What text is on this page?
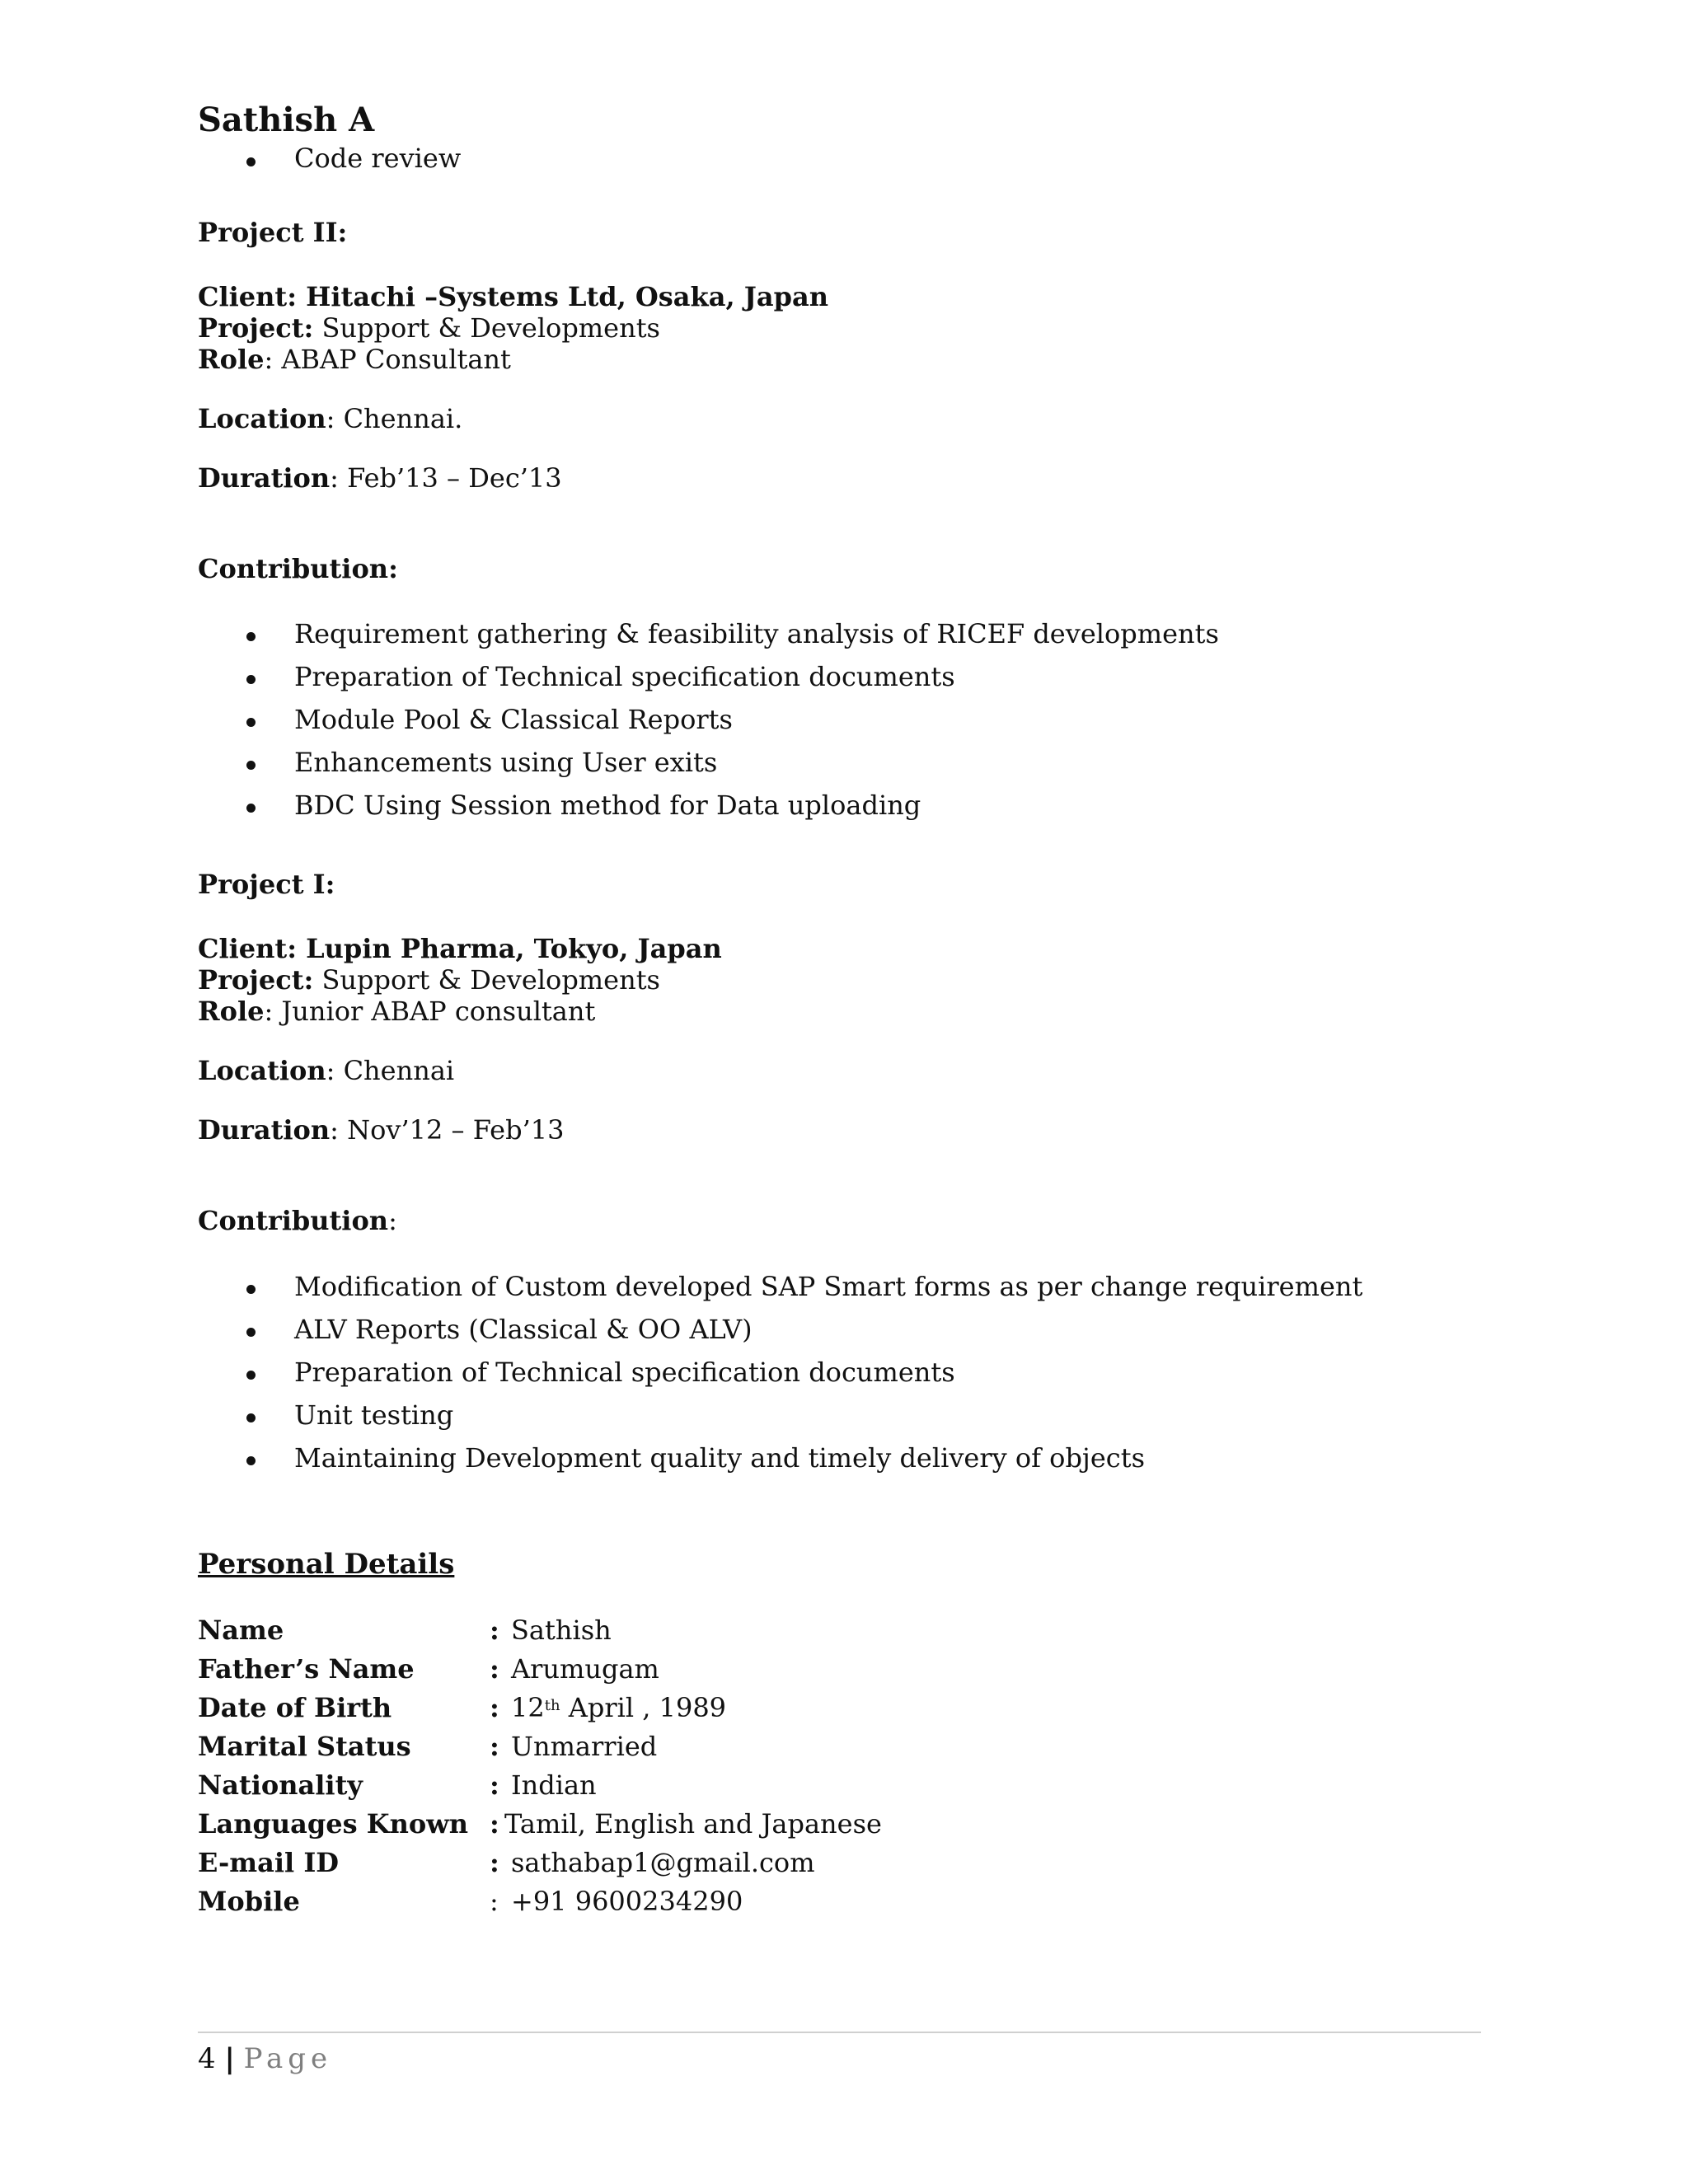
Sathish A
Code review
Project II:
Client: Hitachi –Systems Ltd, Osaka, Japan
Project: Support & Developments
Role: ABAP Consultant
Location: Chennai.
Duration: Feb’13 – Dec’13
Contribution:
Requirement gathering & feasibility analysis of RICEF developments
Preparation of Technical specification documents
Module Pool & Classical Reports
Enhancements using User exits
BDC Using Session method for Data uploading
Project I:
Client: Lupin Pharma, Tokyo, Japan
Project: Support & Developments
Role: Junior ABAP consultant
Location: Chennai
Duration: Nov’12 – Feb’13
Contribution:
Modification of Custom developed SAP Smart forms as per change requirement
ALV Reports (Classical & OO ALV)
Preparation of Technical specification documents
Unit testing
Maintaining Development quality and timely delivery of objects
Personal Details
Name	: Sathish
Father’s Name	: Arumugam
Date of Birth	: 12th April , 1989
Marital Status	: Unmarried
Nationality	: Indian
Languages Known : Tamil, English and Japanese
E-mail ID	: sathabap1@gmail.com
Mobile	: +91 9600234290
4 | Page
